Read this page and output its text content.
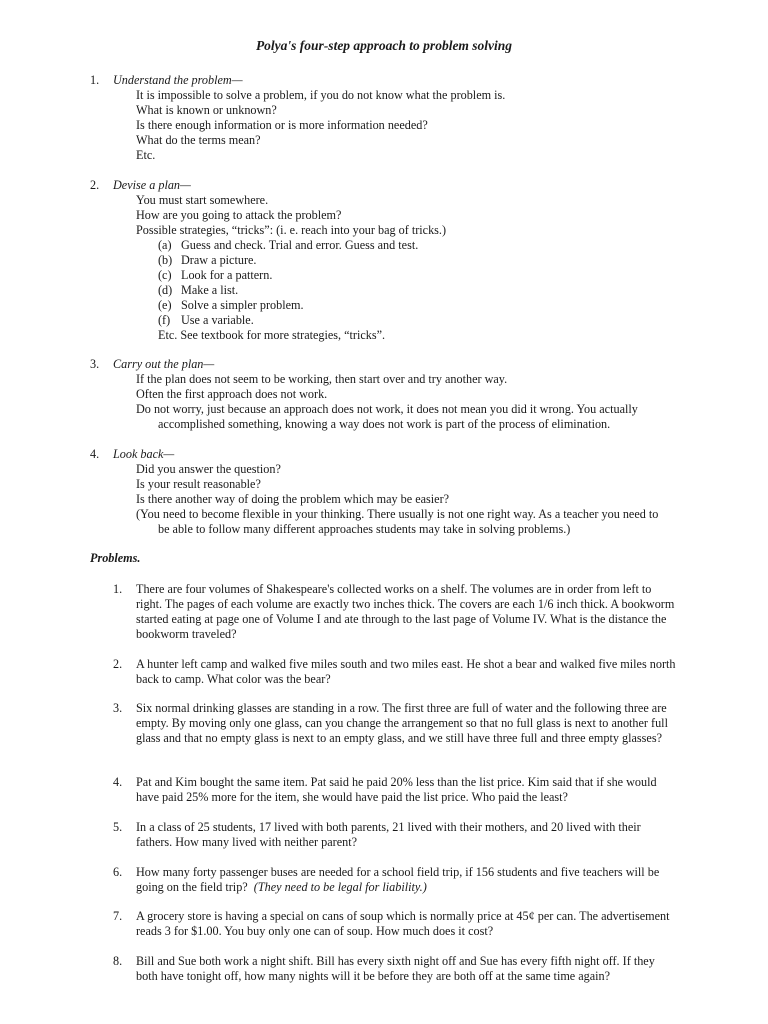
Polya's four-step approach to problem solving
1. Understand the problem—
It is impossible to solve a problem, if you do not know what the problem is.
What is known or unknown?
Is there enough information or is more information needed?
What do the terms mean?
Etc.
2. Devise a plan—
You must start somewhere.
How are you going to attack the problem?
Possible strategies, “tricks”: (i. e. reach into your bag of tricks.)
(a) Guess and check. Trial and error. Guess and test.
(b) Draw a picture.
(c) Look for a pattern.
(d) Make a list.
(e) Solve a simpler problem.
(f) Use a variable.
Etc. See textbook for more strategies, “tricks”.
3. Carry out the plan—
If the plan does not seem to be working, then start over and try another way.
Often the first approach does not work.
Do not worry, just because an approach does not work, it does not mean you did it wrong. You actually
accomplished something, knowing a way does not work is part of the process of elimination.
4. Look back—
Did you answer the question?
Is your result reasonable?
Is there another way of doing the problem which may be easier?
(You need to become flexible in your thinking. There usually is not one right way. As a teacher you need to
be able to follow many different approaches students may take in solving problems.)
Problems.
1. There are four volumes of Shakespeare's collected works on a shelf. The volumes are in order from left to right. The pages of each volume are exactly two inches thick. The covers are each 1/6 inch thick. A bookworm started eating at page one of Volume I and ate through to the last page of Volume IV. What is the distance the bookworm traveled?
2. A hunter left camp and walked five miles south and two miles east. He shot a bear and walked five miles north back to camp. What color was the bear?
3. Six normal drinking glasses are standing in a row. The first three are full of water and the following three are empty. By moving only one glass, can you change the arrangement so that no full glass is next to another full glass and that no empty glass is next to an empty glass, and we still have three full and three empty glasses?
4. Pat and Kim bought the same item. Pat said he paid 20% less than the list price. Kim said that if she would have paid 25% more for the item, she would have paid the list price. Who paid the least?
5. In a class of 25 students, 17 lived with both parents, 21 lived with their mothers, and 20 lived with their fathers. How many lived with neither parent?
6. How many forty passenger buses are needed for a school field trip, if 156 students and five teachers will be going on the field trip? (They need to be legal for liability.)
7. A grocery store is having a special on cans of soup which is normally price at 45¢ per can. The advertisement reads 3 for $1.00. You buy only one can of soup. How much does it cost?
8. Bill and Sue both work a night shift. Bill has every sixth night off and Sue has every fifth night off. If they both have tonight off, how many nights will it be before they are both off at the same time again?
